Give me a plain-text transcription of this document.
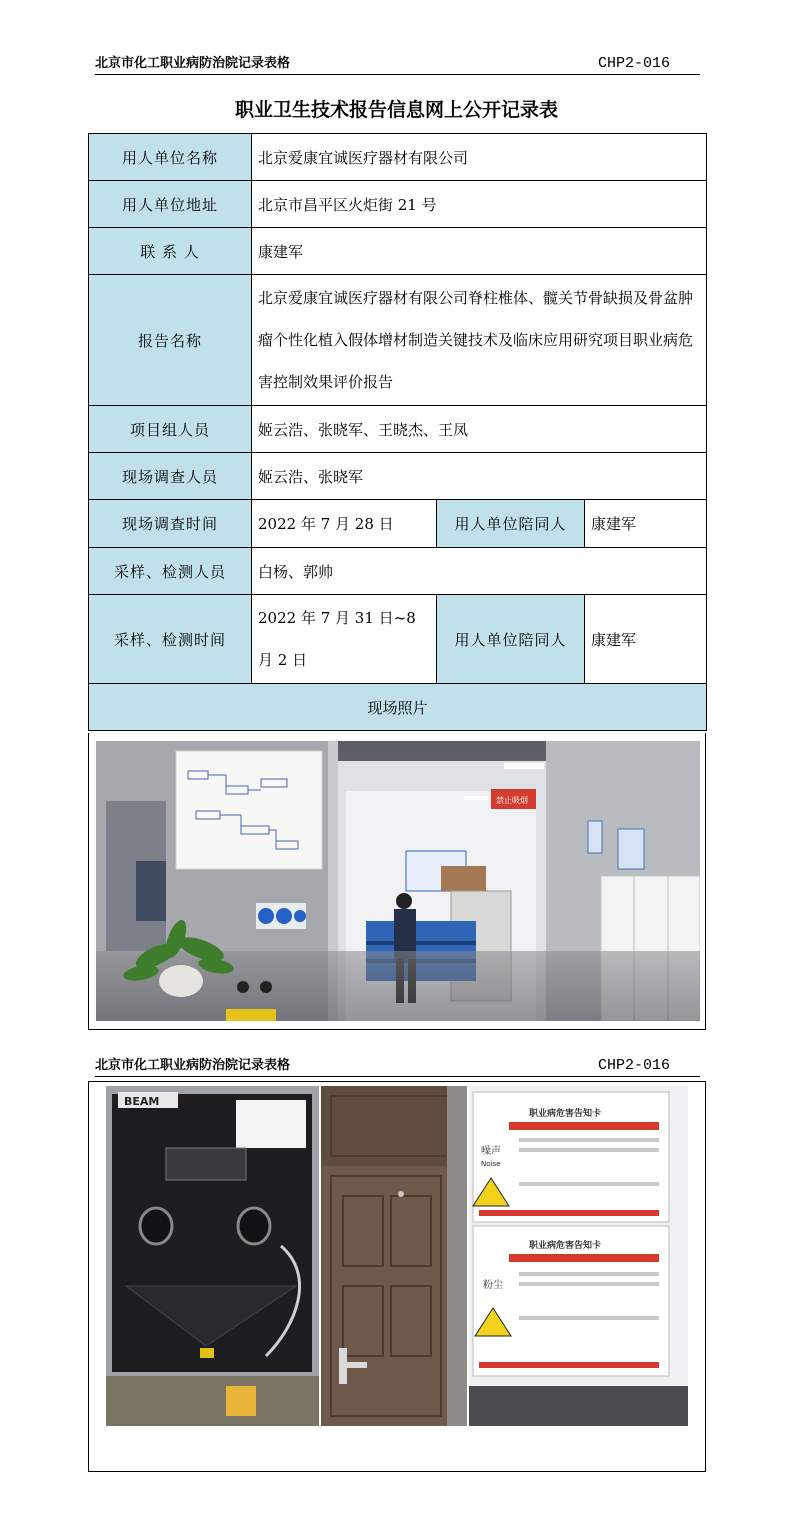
北京市化工职业病防治院记录表格	CHP2-016
职业卫生技术报告信息网上公开记录表
用人单位名称	北京爱康宜诚医疗器材有限公司		
用人单位地址	北京市昌平区火炬街 21 号		
联 系 人	康建军		
报告名称	北京爱康宜诚医疗器材有限公司脊柱椎体、髋关节骨缺损及骨盆肿瘤个性化植入假体增材制造关键技术及临床应用研究项目职业病危害控制效果评价报告		
项目组人员	姬云浩、张晓军、王晓杰、王凤		
现场调查人员	姬云浩、张晓军		
现场调查时间	2022 年 7 月 28 日	用人单位陪同人	康建军
采样、检测人员	白杨、郭帅		
采样、检测时间	2022 年 7 月 31 日~8 月 2 日	用人单位陪同人	康建军
现场照片			
禁止吸烟
北京市化工职业病防治院记录表格	CHP2-016
BEAM
职业病危害告知卡
噪声
Noise
职业病危害告知卡
粉尘
